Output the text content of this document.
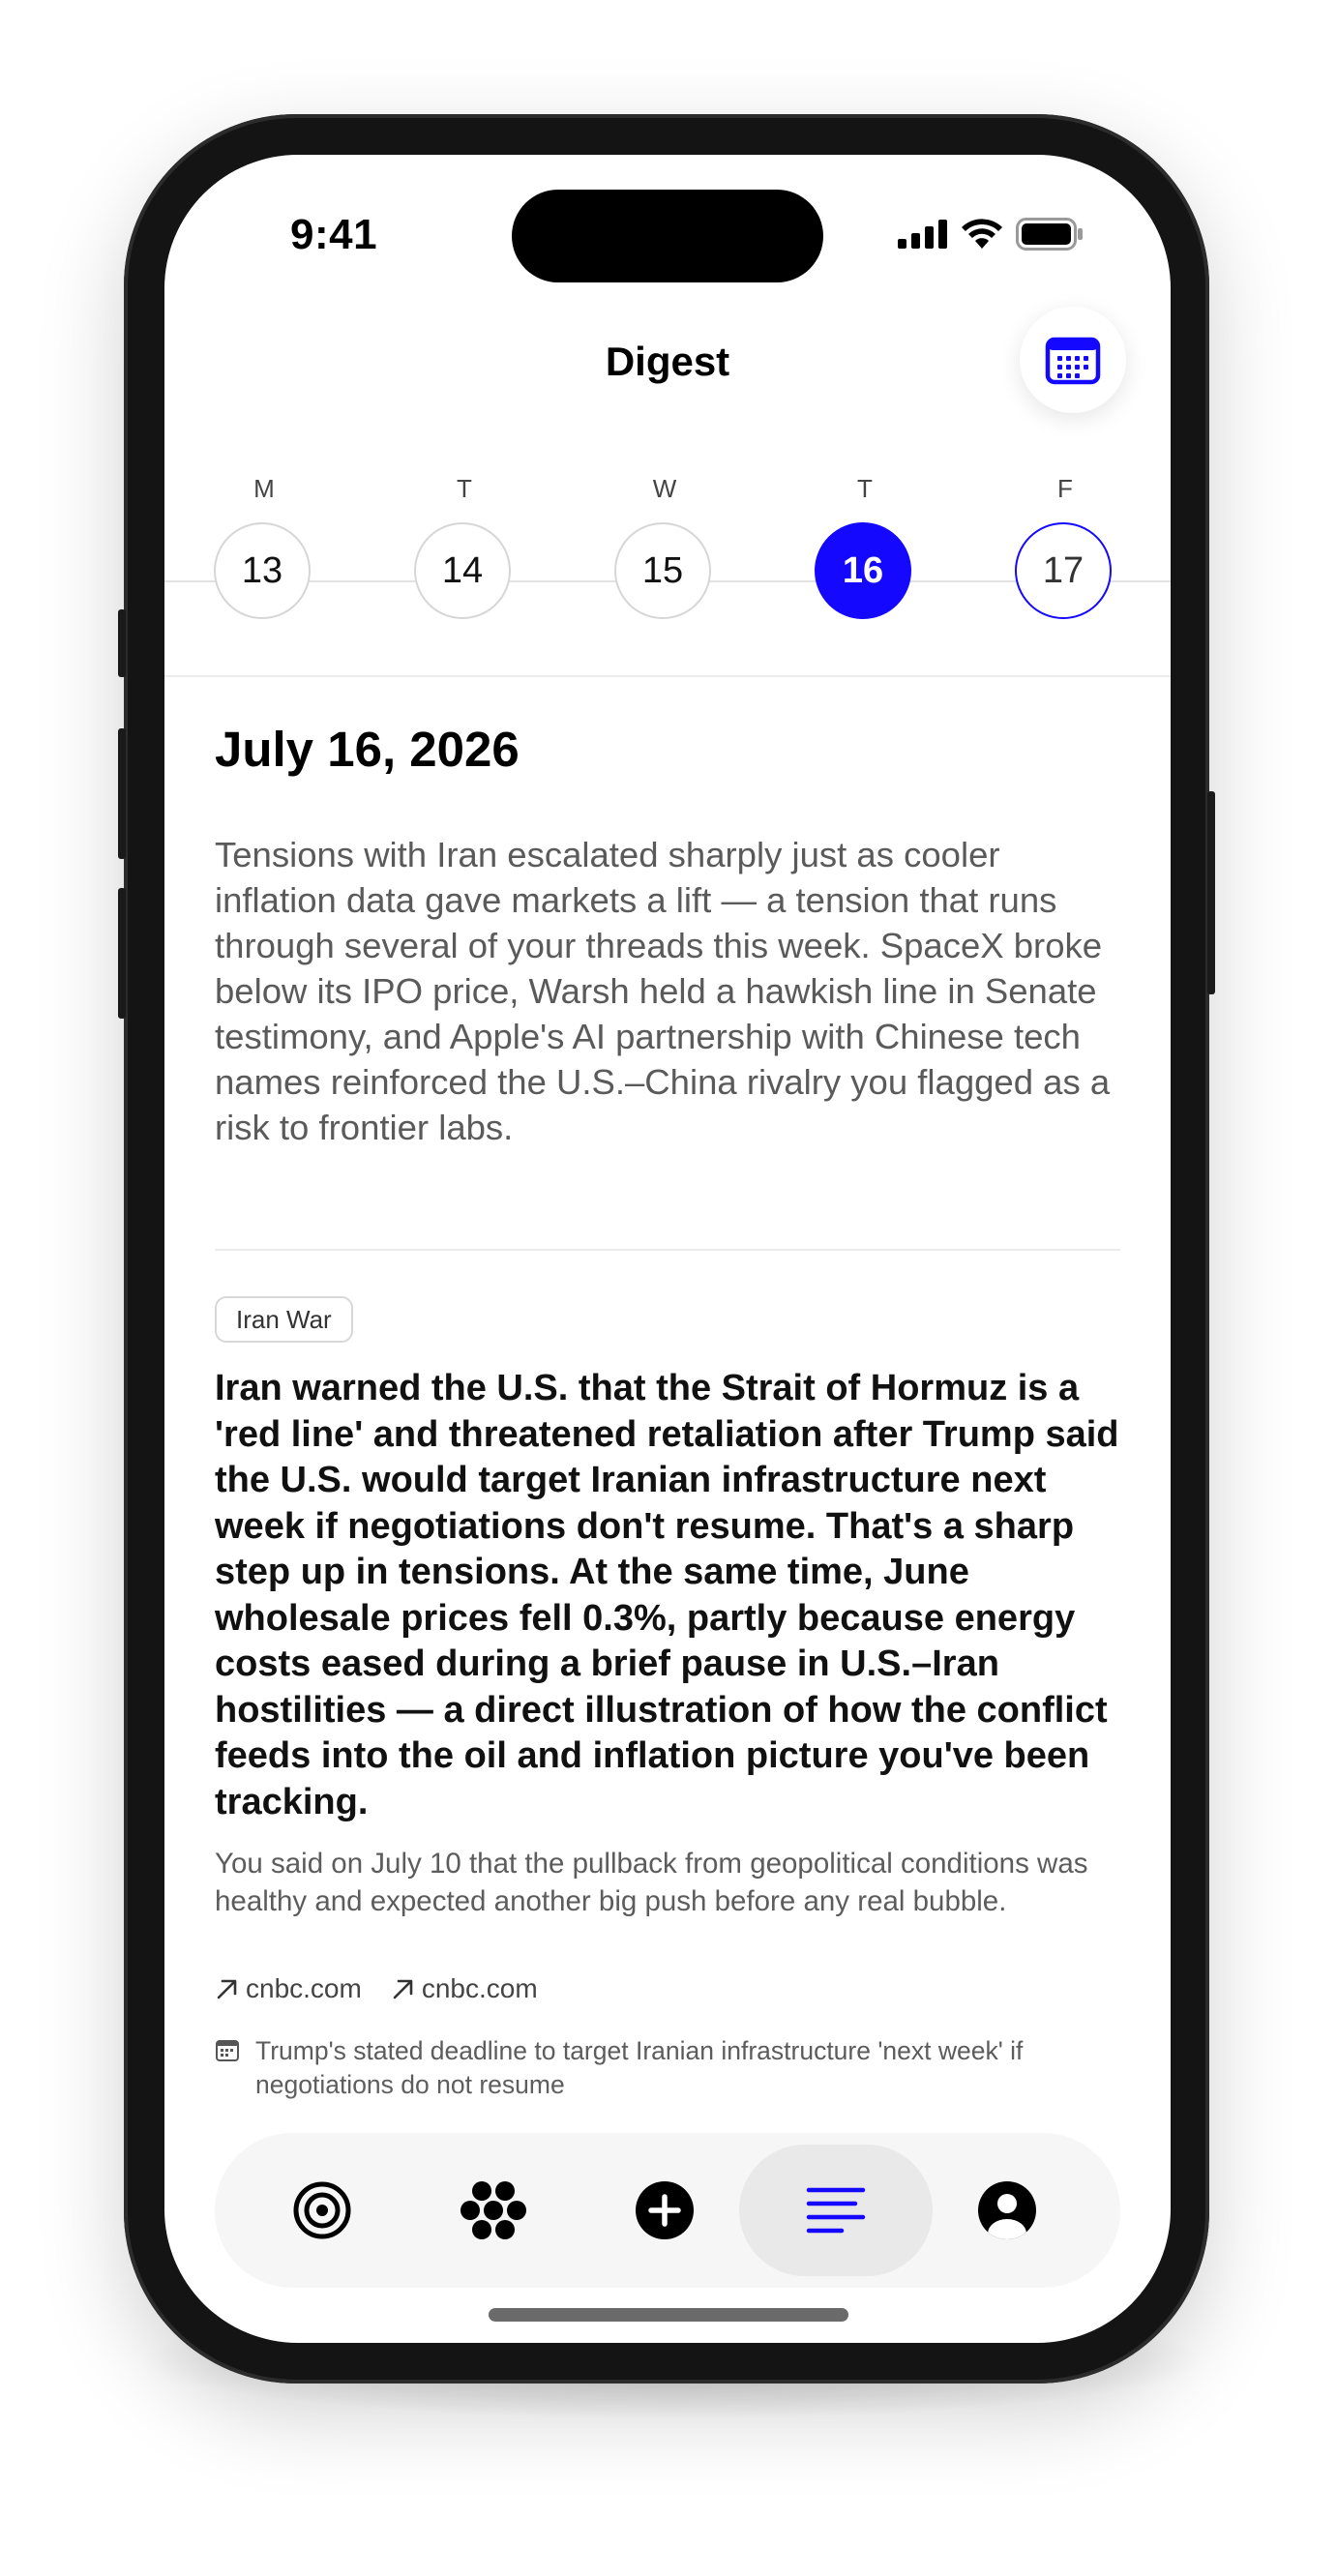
9:41
Digest
M
13
T
14
W
15
T
16
F
17
July 16, 2026
Tensions with Iran escalated sharply just as cooler inflation data gave markets a lift — a tension that runs through several of your threads this week. SpaceX broke below its IPO price, Warsh held a hawkish line in Senate testimony, and Apple's AI partnership with Chinese tech names reinforced the U.S.–China rivalry you flagged as a risk to frontier labs.
Iran War
Iran warned the U.S. that the Strait of Hormuz is a 'red line' and threatened retaliation after Trump said the U.S. would target Iranian infrastructure next week if negotiations don't resume. That's a sharp step up in tensions. At the same time, June wholesale prices fell 0.3%, partly because energy costs eased during a brief pause in U.S.–Iran hostilities — a direct illustration of how the conflict feeds into the oil and inflation picture you've been tracking.
You said on July 10 that the pullback from geopolitical conditions was healthy and expected another big push before any real bubble.
cnbc.com cnbc.com
Trump's stated deadline to target Iranian infrastructure 'next week' if negotiations do not resume
